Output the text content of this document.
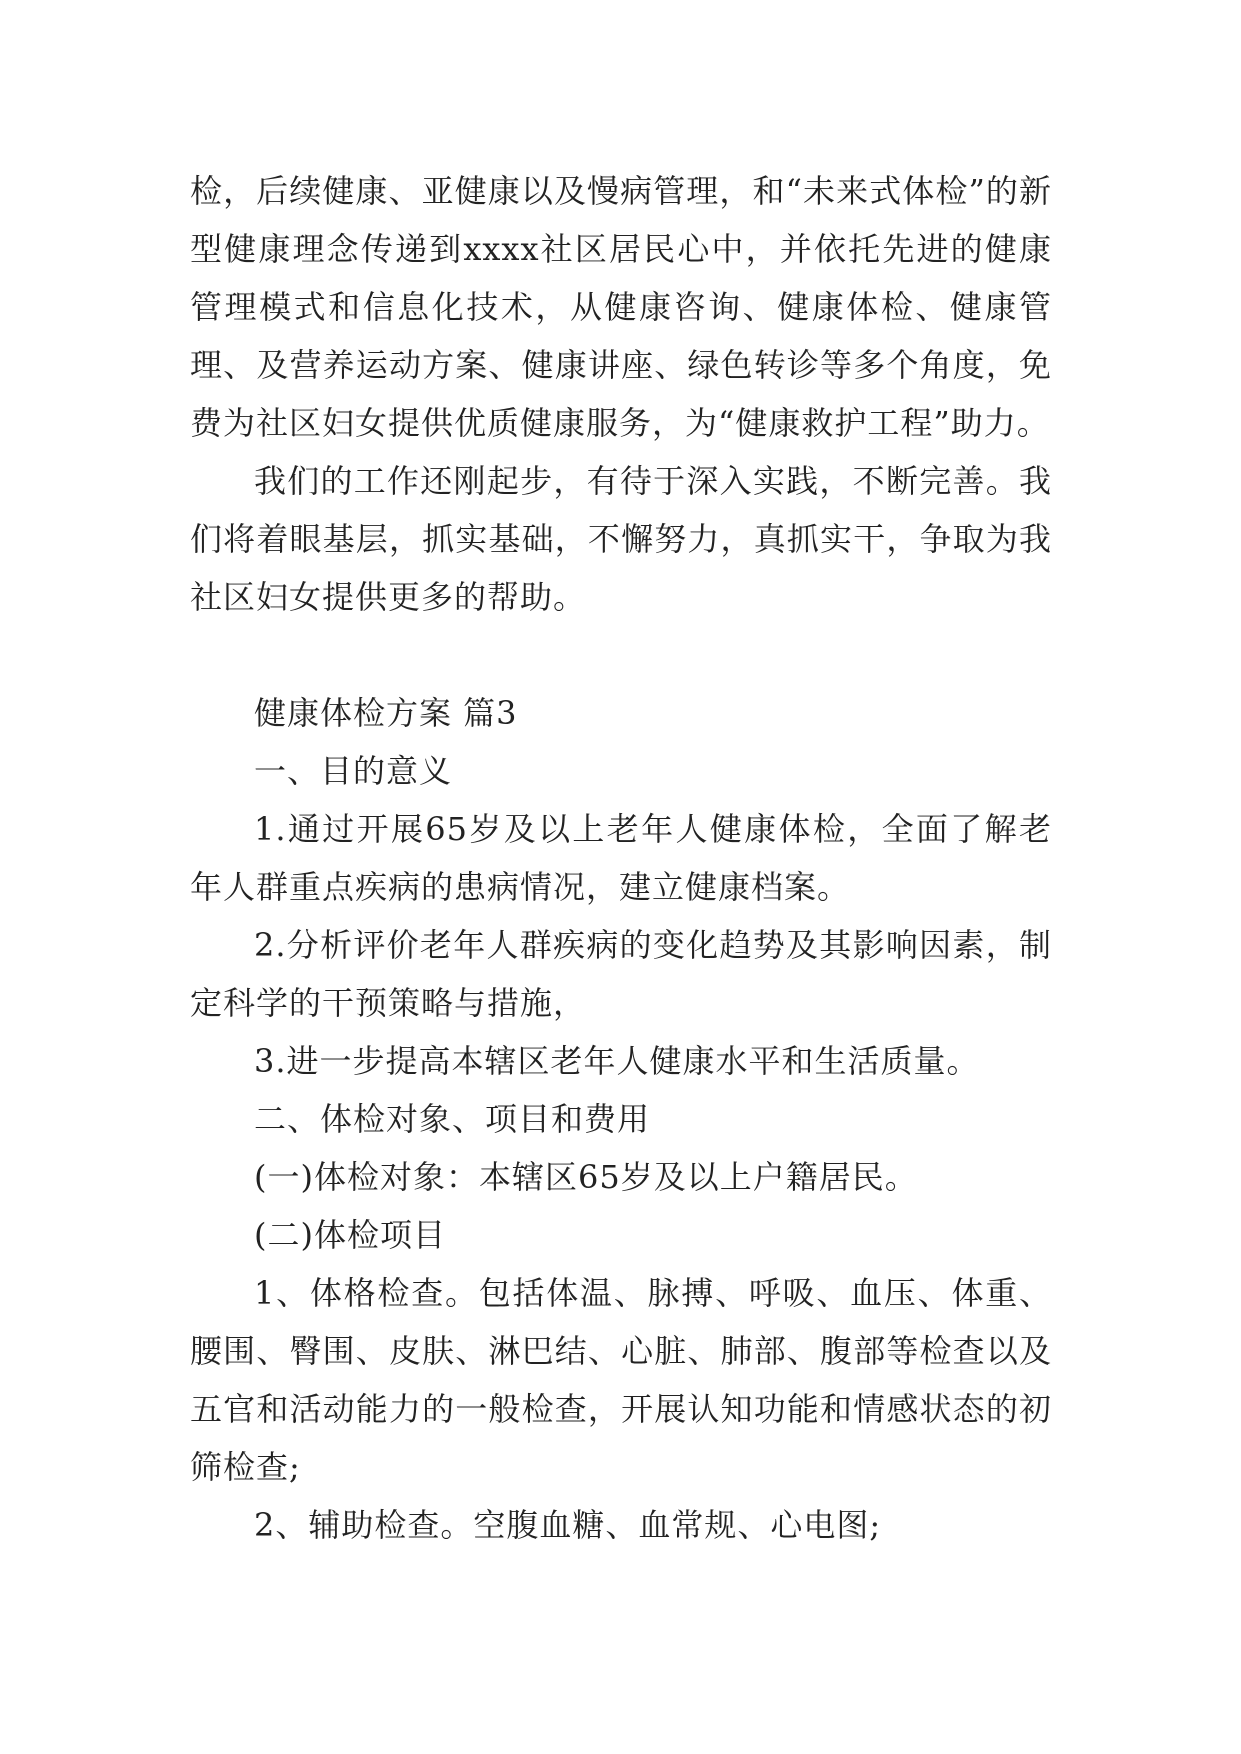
检，后续健康、亚健康以及慢病管理，和“未来式体检”的新型健康理念传递到xxxx社区居民心中，并依托先进的健康管理模式和信息化技术，从健康咨询、健康体检、健康管理、及营养运动方案、健康讲座、绿色转诊等多个角度，免费为社区妇女提供优质健康服务，为“健康救护工程”助力。

我们的工作还刚起步，有待于深入实践，不断完善。我们将着眼基层，抓实基础，不懈努力，真抓实干，争取为我社区妇女提供更多的帮助。

健康体检方案 篇3

一、目的意义

1.通过开展65岁及以上老年人健康体检，全面了解老年人群重点疾病的患病情况，建立健康档案。

2.分析评价老年人群疾病的变化趋势及其影响因素，制定科学的干预策略与措施，

3.进一步提高本辖区老年人健康水平和生活质量。

二、体检对象、项目和费用

(一)体检对象：本辖区65岁及以上户籍居民。

(二)体检项目

1、体格检查。包括体温、脉搏、呼吸、血压、体重、腰围、臀围、皮肤、淋巴结、心脏、肺部、腹部等检查以及五官和活动能力的一般检查，开展认知功能和情感状态的初筛检查;

2、辅助检查。空腹血糖、血常规、心电图;
